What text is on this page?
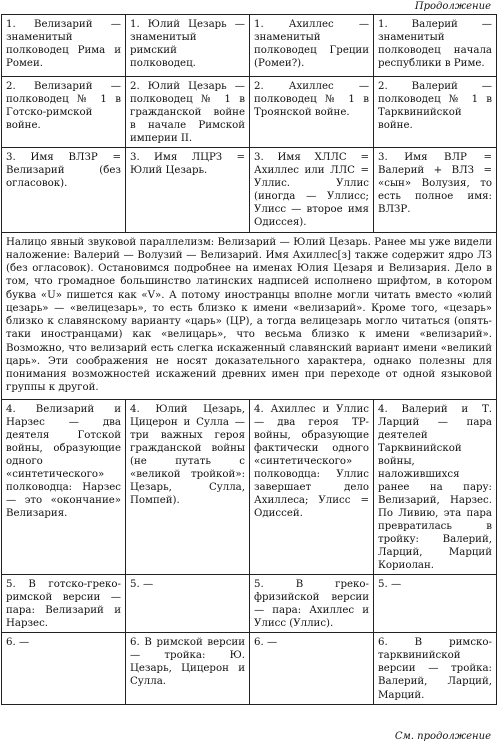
Продолжение
1. Велизарий — знаменитый полководец Рима и Ромеи.	1. Юлий Цезарь — знаменитый римский полководец.	1. Ахиллес — знаменитый полководец Греции (Ромеи?).	1. Валерий — знаменитый полководец начала республики в Риме.
2. Велизарий — полководец № 1 в Готско-римской войне.	2. Юлий Цезарь — полководец № 1 в гражданской войне в начале Римской империи II.	2. Ахиллес — полководец № 1 в Троянской войне.	2. Валерий — полководец № 1 в Тарквинийской войне.
3. Имя ВЛЗР = Велизарий (без огласовок).	3. Имя ЛЦРЗ = Юлий Цезарь.	3. Имя ХЛЛС = Ахиллес или ЛЛС = Уллис. Уллис (иногда — Уллисс; Улисс — второе имя Одиссея).	3. Имя ВЛР = Валерий + ВЛЗ = «сын» Волузия, то есть полное имя: ВЛЗР.
Налицо явный звуковой параллелизм: Велизарий — Юлий Цезарь. Ранее мы уже видели наложение: Валерий — Волузий — Велизарий. Имя Ахиллес[з] также содержит ядро ЛЗ (без огласовок). Остановимся подробнее на именах Юлия Цезаря и Велизария. Дело в том, что громадное большинство латинских надписей исполнено шрифтом, в котором буква «U» пишется как «V». А потому иностранцы вполне могли читать вместо «юлий цезарь» — «велицезарь», то есть близко к имени «велизарий». Кроме того, «цезарь» близко к славянскому варианту «царь» (ЦР), а тогда велицезарь могло читаться (опять-таки иностранцами) как «велицарь», что весьма близко к имени «велизарий». Возможно, что велизарий есть слегка искаженный славянский вариант имени «великий царь». Эти соображения не носят доказательного характера, однако полезны для понимания возможностей искажений древних имен при переходе от одной языковой группы к другой.			
4. Велизарий и Нарзес — два деятеля Готской войны, образующие одного «синтетического» полководца: Нарзес — это «окончание» Велизария.	4. Юлий Цезарь, Цицерон и Сулла — три важных героя гражданской войны (не путать с «великой тройкой»: Цезарь, Сулла, Помпей).	4. Ахиллес и Уллис — два героя ТР-войны, образующие фактически одного «синтетического» полководца: Уллис завершает дело Ахиллеса; Улисс = Одиссей.	4. Валерий и Т. Ларций — пара деятелей Тарквинийской войны, наложившихся ранее на пару: Велизарий, Нарзес. По Ливию, эта пара превратилась в тройку: Валерий, Ларций, Марций Кориолан.
5. В готско-греко-римской версии — пара: Велизарий и Нарзес.	5. —	5. В греко-фризийской версии — пара: Ахиллес и Улисс (Уллис).	5. —
6. —	6. В римской версии — тройка: Ю. Цезарь, Цицерон и Сулла.	6. —	6. В римско-тарквинийской версии — тройка: Валерий, Ларций, Марций.
См. продолжение
